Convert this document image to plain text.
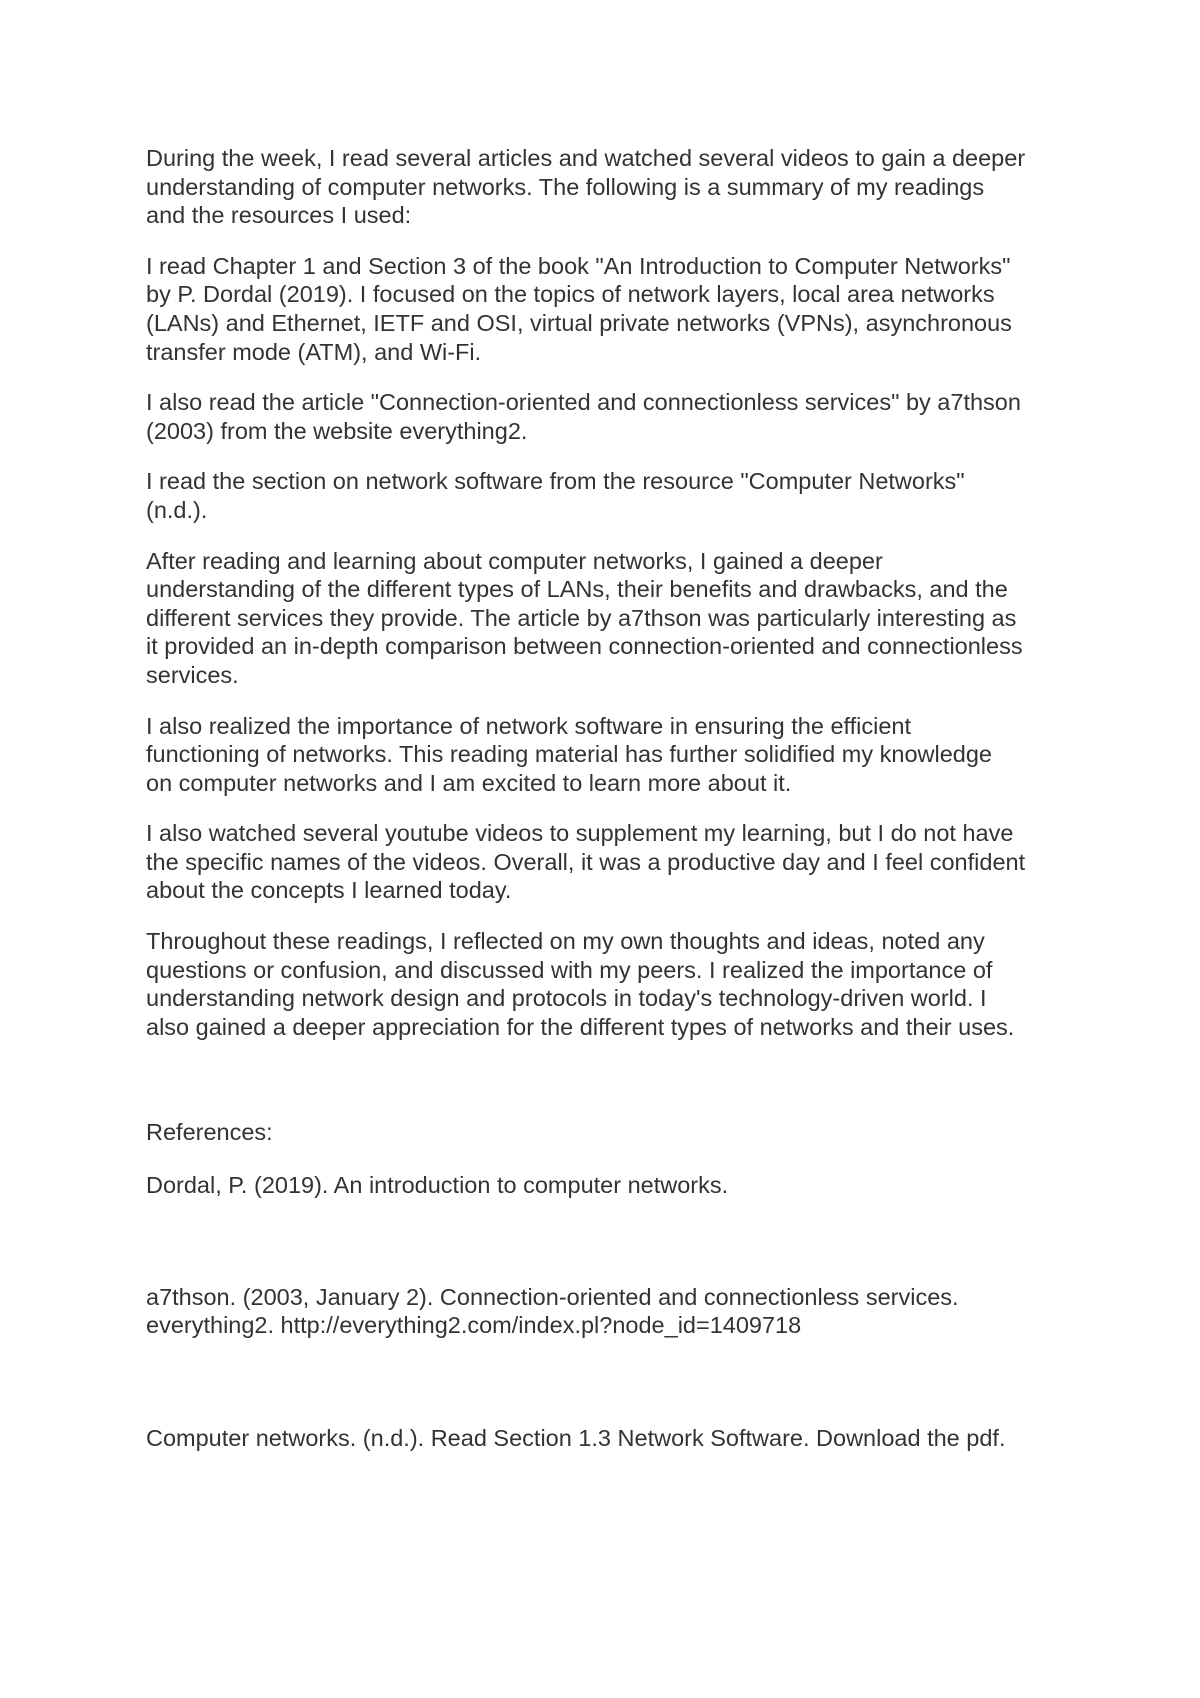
During the week, I read several articles and watched several videos to gain a deeper
understanding of computer networks. The following is a summary of my readings
and the resources I used:

I read Chapter 1 and Section 3 of the book "An Introduction to Computer Networks"
by P. Dordal (2019). I focused on the topics of network layers, local area networks
(LANs) and Ethernet, IETF and OSI, virtual private networks (VPNs), asynchronous
transfer mode (ATM), and Wi-Fi.

I also read the article "Connection-oriented and connectionless services" by a7thson
(2003) from the website everything2.

I read the section on network software from the resource "Computer Networks"
(n.d.).

After reading and learning about computer networks, I gained a deeper
understanding of the different types of LANs, their benefits and drawbacks, and the
different services they provide. The article by a7thson was particularly interesting as
it provided an in-depth comparison between connection-oriented and connectionless
services.

I also realized the importance of network software in ensuring the efficient
functioning of networks. This reading material has further solidified my knowledge
on computer networks and I am excited to learn more about it.

I also watched several youtube videos to supplement my learning, but I do not have
the specific names of the videos. Overall, it was a productive day and I feel confident
about the concepts I learned today.

Throughout these readings, I reflected on my own thoughts and ideas, noted any
questions or confusion, and discussed with my peers. I realized the importance of
understanding network design and protocols in today's technology-driven world. I
also gained a deeper appreciation for the different types of networks and their uses.

References:

Dordal, P. (2019). An introduction to computer networks.

a7thson. (2003, January 2). Connection-oriented and connectionless services.
everything2. http://everything2.com/index.pl?node_id=1409718

Computer networks. (n.d.). Read Section 1.3 Network Software. Download the pdf.
